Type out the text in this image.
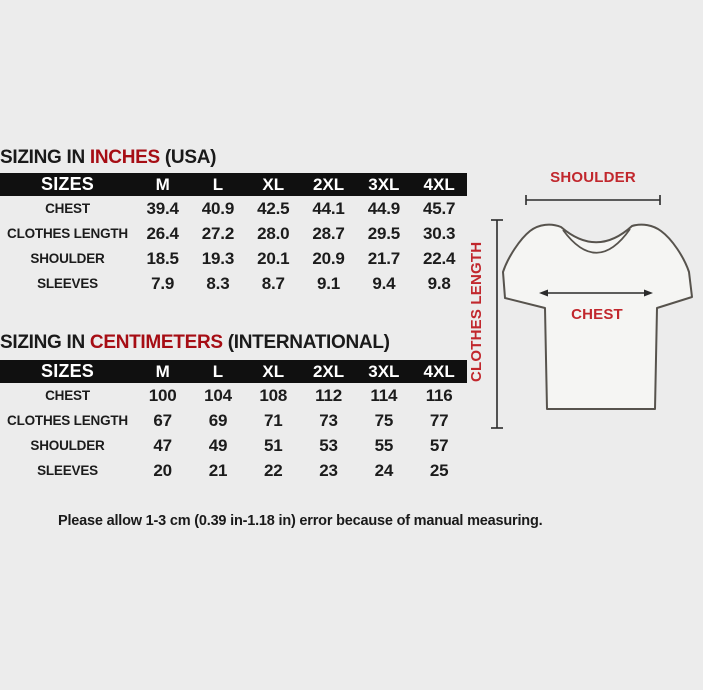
SIZING IN INCHES (USA)
SIZES	M	L	XL	2XL	3XL	4XL
CHEST	39.4	40.9	42.5	44.1	44.9	45.7
CLOTHES LENGTH	26.4	27.2	28.0	28.7	29.5	30.3
SHOULDER	18.5	19.3	20.1	20.9	21.7	22.4
SLEEVES	7.9	8.3	8.7	9.1	9.4	9.8
SIZING IN CENTIMETERS (INTERNATIONAL)
SIZES	M	L	XL	2XL	3XL	4XL
CHEST	100	104	108	112	114	116
CLOTHES LENGTH	67	69	71	73	75	77
SHOULDER	47	49	51	53	55	57
SLEEVES	20	21	22	23	24	25
SHOULDER
CHEST
CLOTHES LENGTH
Please allow 1-3 cm (0.39 in-1.18 in) error because of manual measuring.
